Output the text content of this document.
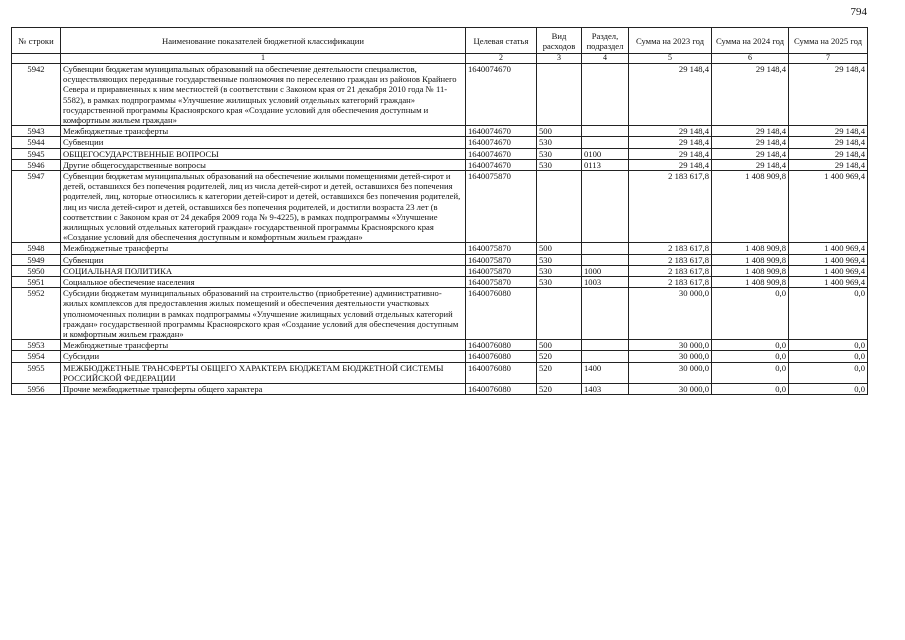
794
№ строки	Наименование показателей бюджетной классификации	Целевая статья	Вид расходов	Раздел, подраздел	Сумма на 2023 год	Сумма на 2024 год	Сумма на 2025 год
	1	2	3	4	5	6	7
5942	Субвенции бюджетам муниципальных образований на обеспечение деятельности специалистов, осуществляющих переданные государственные полномочия по переселению граждан из районов Крайнего Севера и приравненных к ним местностей (в соответствии с Законом края от 21 декабря 2010 года № 11-5582), в рамках подпрограммы «Улучшение жилищных условий отдельных категорий граждан» государственной программы Красноярского края «Создание условий для обеспечения доступным и комфортным жильем граждан»	1640074670			29 148,4	29 148,4	29 148,4
5943	Межбюджетные трансферты	1640074670	500		29 148,4	29 148,4	29 148,4
5944	Субвенции	1640074670	530		29 148,4	29 148,4	29 148,4
5945	ОБЩЕГОСУДАРСТВЕННЫЕ ВОПРОСЫ	1640074670	530	0100	29 148,4	29 148,4	29 148,4
5946	Другие общегосударственные вопросы	1640074670	530	0113	29 148,4	29 148,4	29 148,4
5947	Субвенции бюджетам муниципальных образований на обеспечение жилыми помещениями детей-сирот и детей, оставшихся без попечения родителей, лиц из числа детей-сирот и детей, оставшихся без попечения родителей, лиц, которые относились к категории детей-сирот и детей, оставшихся без попечения родителей, лиц из числа детей-сирот и детей, оставшихся без попечения родителей, и достигли возраста 23 лет (в соответствии с Законом края от 24 декабря 2009 года № 9-4225), в рамках подпрограммы «Улучшение жилищных условий отдельных категорий граждан» государственной программы Красноярского края «Создание условий для обеспечения доступным и комфортным жильем граждан»	1640075870			2 183 617,8	1 408 909,8	1 400 969,4
5948	Межбюджетные трансферты	1640075870	500		2 183 617,8	1 408 909,8	1 400 969,4
5949	Субвенции	1640075870	530		2 183 617,8	1 408 909,8	1 400 969,4
5950	СОЦИАЛЬНАЯ ПОЛИТИКА	1640075870	530	1000	2 183 617,8	1 408 909,8	1 400 969,4
5951	Социальное обеспечение населения	1640075870	530	1003	2 183 617,8	1 408 909,8	1 400 969,4
5952	Субсидии бюджетам муниципальных образований на строительство (приобретение) административно-жилых комплексов для предоставления жилых помещений и обеспечения деятельности участковых уполномоченных полиции в рамках подпрограммы «Улучшение жилищных условий отдельных категорий граждан» государственной программы Красноярского края «Создание условий для обеспечения доступным и комфортным жильем граждан»	1640076080			30 000,0	0,0	0,0
5953	Межбюджетные трансферты	1640076080	500		30 000,0	0,0	0,0
5954	Субсидии	1640076080	520		30 000,0	0,0	0,0
5955	МЕЖБЮДЖЕТНЫЕ ТРАНСФЕРТЫ ОБЩЕГО ХАРАКТЕРА БЮДЖЕТАМ БЮДЖЕТНОЙ СИСТЕМЫ РОССИЙСКОЙ ФЕДЕРАЦИИ	1640076080	520	1400	30 000,0	0,0	0,0
5956	Прочие межбюджетные трансферты общего характера	1640076080	520	1403	30 000,0	0,0	0,0
